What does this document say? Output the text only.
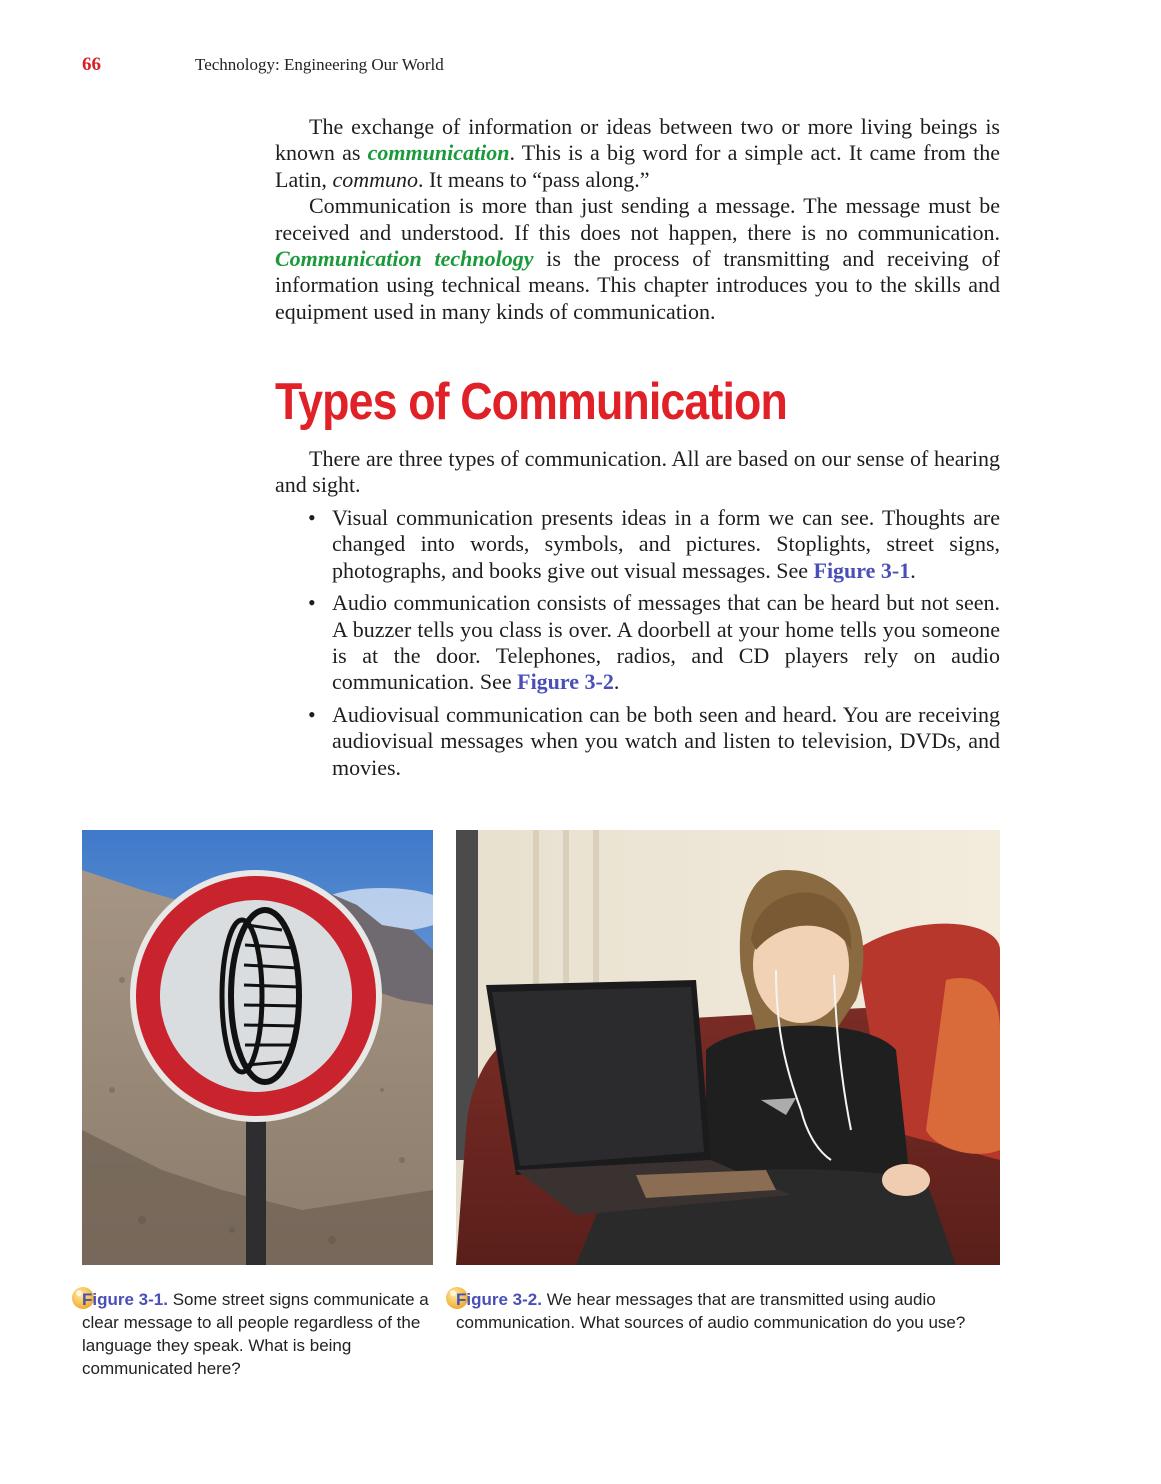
66	Technology: Engineering Our World

The exchange of information or ideas between two or more living beings is known as communication. This is a big word for a simple act. It came from the Latin, communo. It means to “pass along.”

Communication is more than just sending a message. The message must be received and understood. If this does not happen, there is no communication. Communication technology is the process of transmitting and receiving of information using technical means. This chapter introduces you to the skills and equipment used in many kinds of communication.

Types of Communication

There are three types of communication. All are based on our sense of hearing and sight.

• Visual communication presents ideas in a form we can see. Thoughts are changed into words, symbols, and pictures. Stoplights, street signs, photographs, and books give out visual messages. See Figure 3-1.
• Audio communication consists of messages that can be heard but not seen. A buzzer tells you class is over. A doorbell at your home tells you someone is at the door. Telephones, radios, and CD players rely on audio communication. See Figure 3-2.
• Audiovisual communication can be both seen and heard. You are receiving audiovisual messages when you watch and listen to television, DVDs, and movies.
Figure 3-1. Some street signs communicate a clear message to all people regardless of the language they speak. What is being communicated here?
Figure 3-2. We hear messages that are transmitted using audio communication. What sources of audio communication do you use?
